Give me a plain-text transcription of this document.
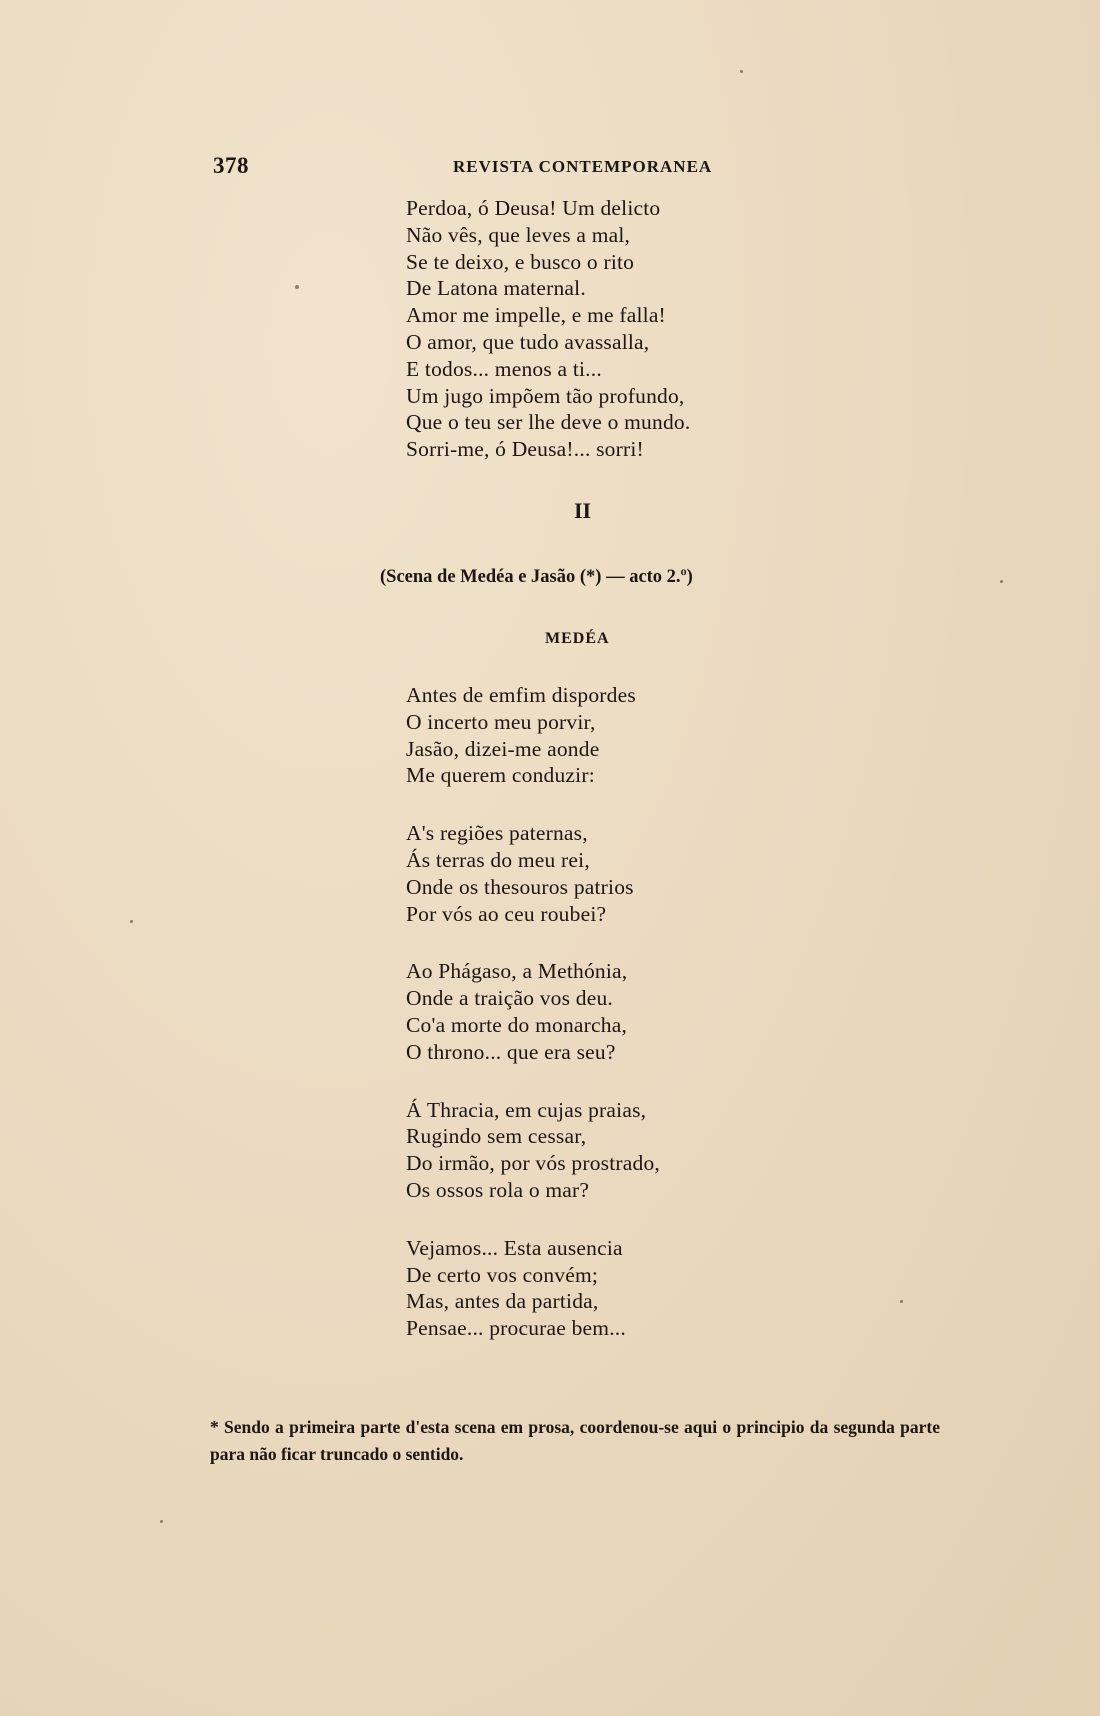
378	REVISTA CONTEMPORANEA
Perdoa, ó Deusa! Um delicto
Não vês, que leves a mal,
Se te deixo, e busco o rito
De Latona maternal.
Amor me impelle, e me falla!
O amor, que tudo avassalla,
E todos... menos a ti...
Um jugo impõem tão profundo,
Que o teu ser lhe deve o mundo.
Sorri-me, ó Deusa!... sorri!
II
(Scena de Medéa e Jasão (*) — acto 2.º)
MEDÉA
Antes de emfim dispordes
O incerto meu porvir,
Jasão, dizei-me aonde
Me querem conduzir:
A's regiões paternas,
Ás terras do meu rei,
Onde os thesouros patrios
Por vós ao ceu roubei?
Ao Phágaso, a Methónia,
Onde a traição vos deu.
Co'a morte do monarcha,
O throno... que era seu?
Á Thracia, em cujas praias,
Rugindo sem cessar,
Do irmão, por vós prostrado,
Os ossos rola o mar?
Vejamos... Esta ausencia
De certo vos convém;
Mas, antes da partida,
Pensae... procurae bem...
* Sendo a primeira parte d'esta scena em prosa, coordenou-se aqui o principio da segunda parte para não ficar truncado o sentido.
